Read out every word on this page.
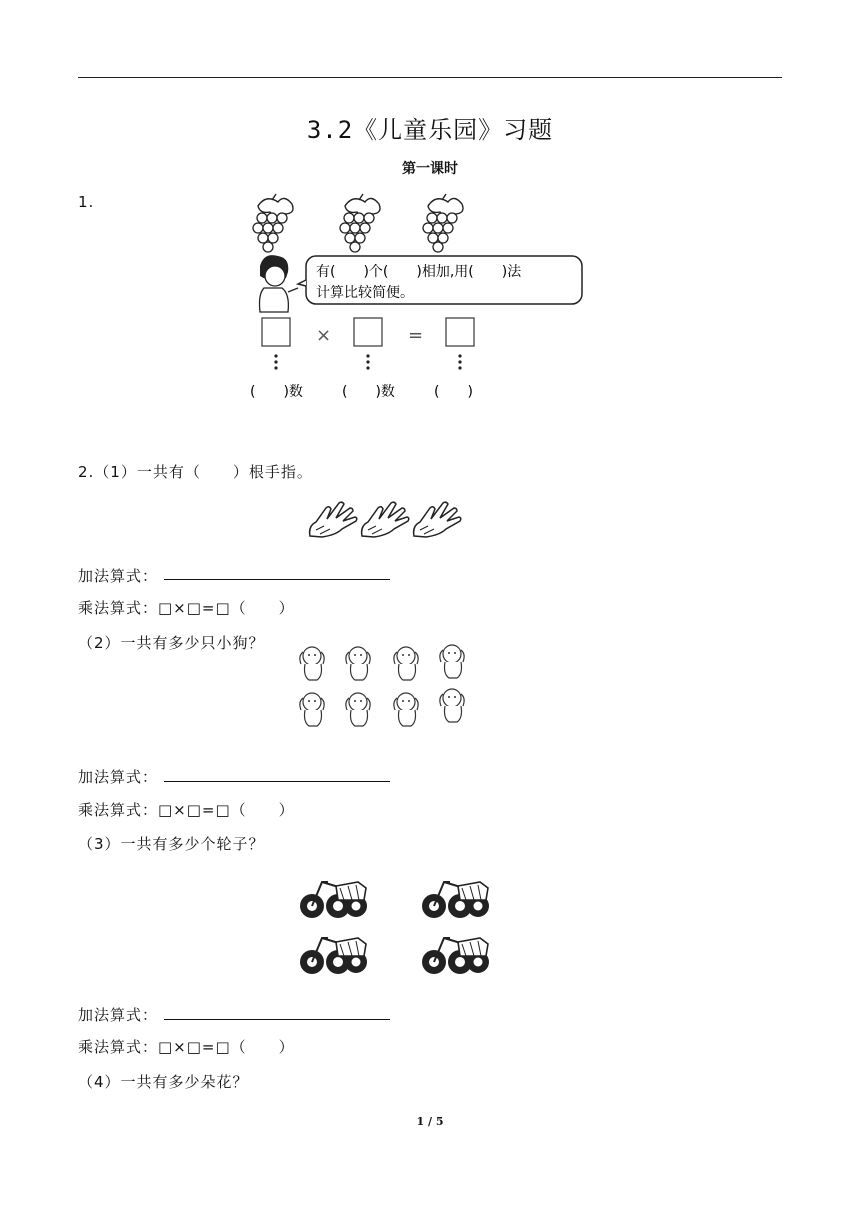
3.2《儿童乐园》习题
第一课时
1.
有(　　)个(　　)相加,用(　　)法
计算比较简便。
×	=
(　　)数	(　　)数	(　　)
2.（1）一共有（　　）根手指。
加法算式：
乘法算式：□×□=□（　　）
（2）一共有多少只小狗？
加法算式：
乘法算式：□×□=□（　　）
（3）一共有多少个轮子？
加法算式：
乘法算式：□×□=□（　　）
（4）一共有多少朵花？
1 / 5
